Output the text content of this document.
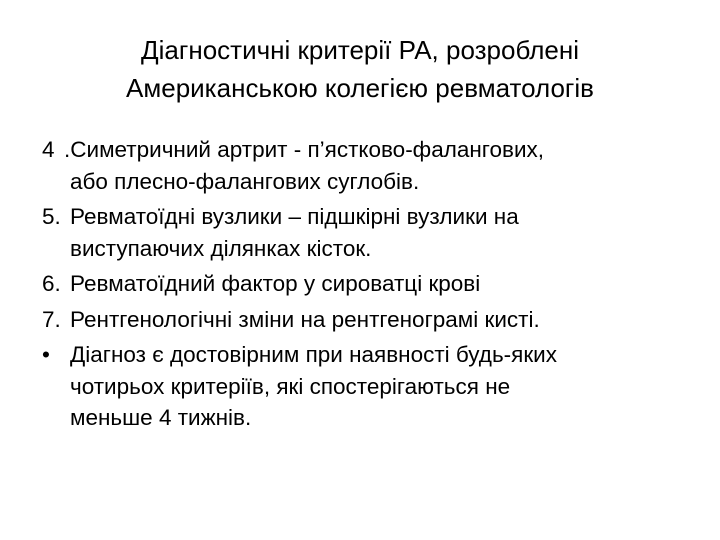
Діагностичні критерії РА, розроблені
Американською колегією ревматологів
4 .Симетричний артрит - п’ястково-фалангових,
або плесно-фалангових суглобів.
5. Ревматоїдні вузлики – підшкірні вузлики на
виступаючих ділянках кісток.
6. Ревматоїдний фактор у сироватці крові
7. Рентгенологічні зміни на рентгенограмі кисті.
• Діагноз є достовірним при наявності будь-яких
чотирьох критеріїв, які спостерігаються не
меньше 4 тижнів.
